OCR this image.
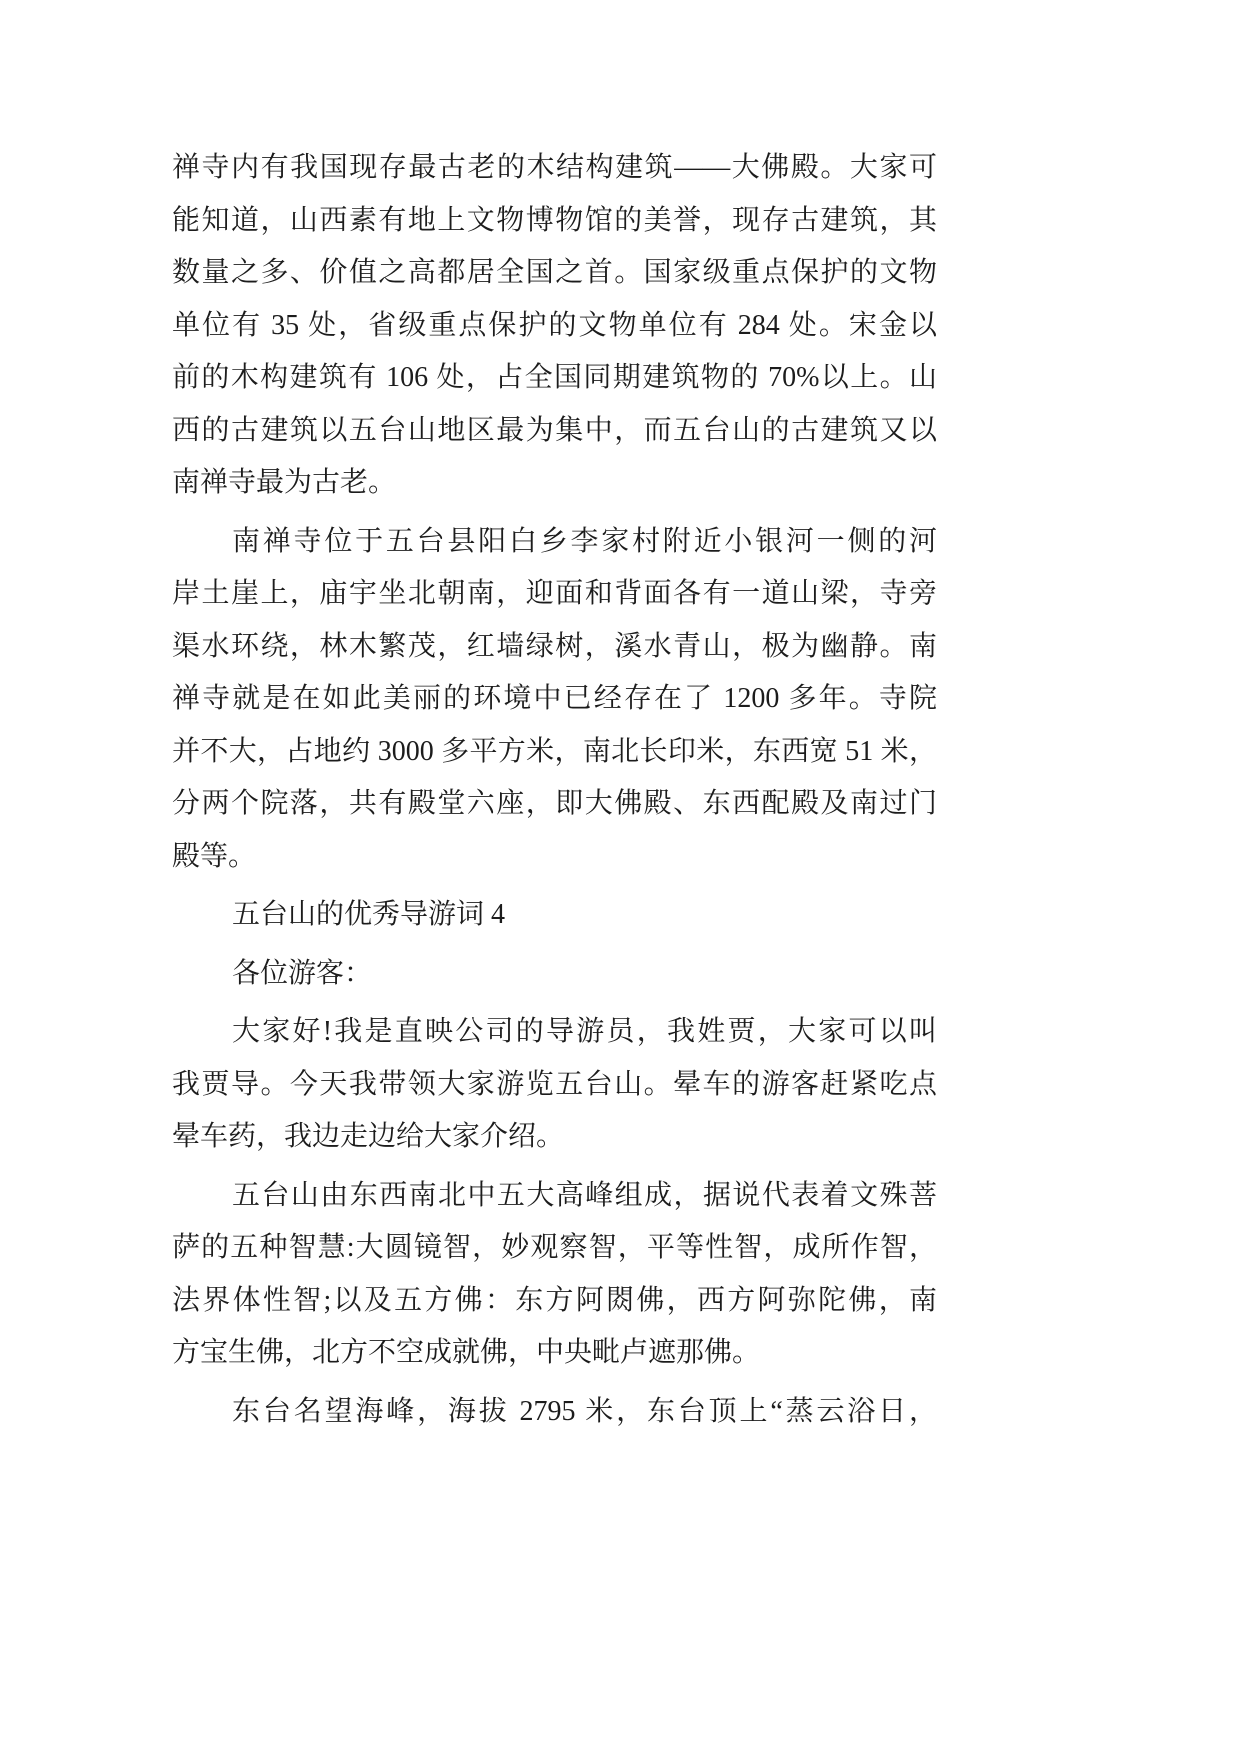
禅寺内有我国现存最古老的木结构建筑——大佛殿。大家可
能知道，山西素有地上文物博物馆的美誉，现存古建筑，其
数量之多、价值之高都居全国之首。国家级重点保护的文物
单位有 35 处，省级重点保护的文物单位有 284 处。宋金以
前的木构建筑有 106 处，占全国同期建筑物的 70%以上。山
西的古建筑以五台山地区最为集中，而五台山的古建筑又以
南禅寺最为古老。
南禅寺位于五台县阳白乡李家村附近小银河一侧的河
岸土崖上，庙宇坐北朝南，迎面和背面各有一道山梁，寺旁
渠水环绕，林木繁茂，红墙绿树，溪水青山，极为幽静。南
禅寺就是在如此美丽的环境中已经存在了 1200 多年。寺院
并不大，占地约 3000 多平方米，南北长印米，东西宽 51 米，
分两个院落，共有殿堂六座，即大佛殿、东西配殿及南过门
殿等。
五台山的优秀导游词 4
各位游客：
大家好!我是直映公司的导游员，我姓贾，大家可以叫
我贾导。今天我带领大家游览五台山。晕车的游客赶紧吃点
晕车药，我边走边给大家介绍。
五台山由东西南北中五大高峰组成，据说代表着文殊菩
萨的五种智慧:大圆镜智，妙观察智，平等性智，成所作智，
法界体性智;以及五方佛：东方阿閦佛，西方阿弥陀佛，南
方宝生佛，北方不空成就佛，中央毗卢遮那佛。
东台名望海峰，海拔 2795 米，东台顶上“蒸云浴日，
